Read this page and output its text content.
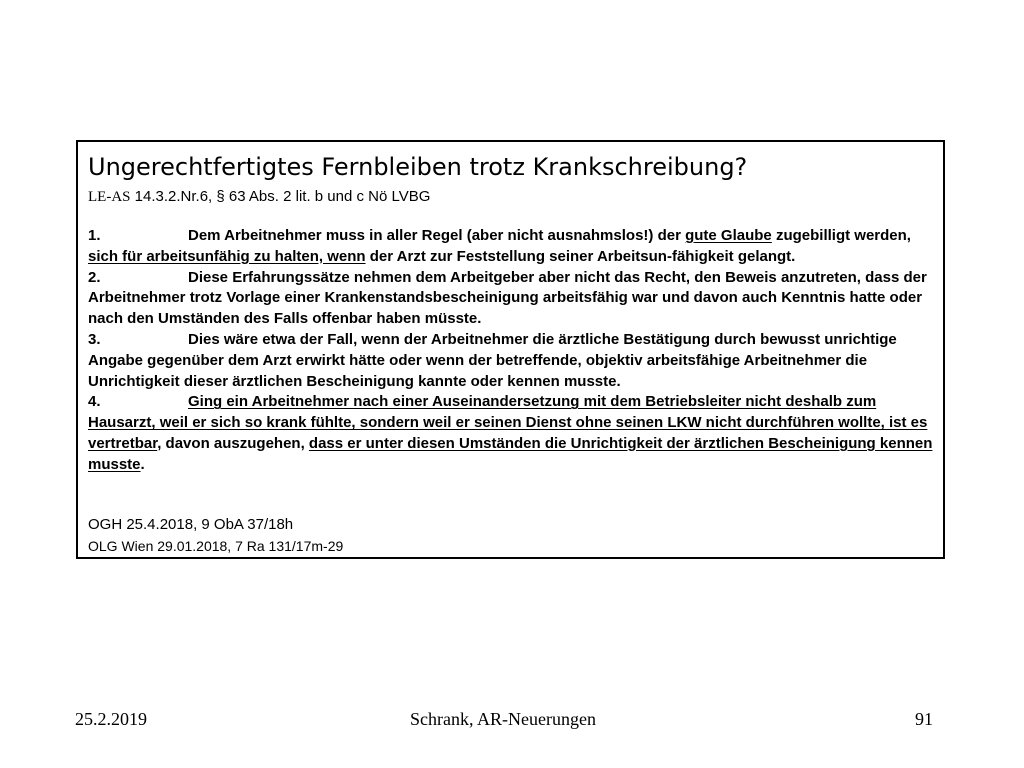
Ungerechtfertigtes Fernbleiben trotz Krankschreibung?
LE-AS 14.3.2.Nr.6, § 63 Abs. 2 lit. b und c Nö LVBG

1.	Dem Arbeitnehmer muss in aller Regel (aber nicht ausnahmslos!) der gute Glaube zugebilligt werden, sich für arbeitsunfähig zu halten, wenn der Arzt zur Feststellung seiner Arbeitsun-fähigkeit gelangt.

2.	Diese Erfahrungssätze nehmen dem Arbeitgeber aber nicht das Recht, den Beweis anzutreten, dass der Arbeitnehmer trotz Vorlage einer Krankenstandsbescheinigung arbeitsfähig war und davon auch Kenntnis hatte oder nach den Umständen des Falls offenbar haben müsste.

3.	Dies wäre etwa der Fall, wenn der Arbeitnehmer die ärztliche Bestätigung durch bewusst unrichtige Angabe gegenüber dem Arzt erwirkt hätte oder wenn der betreffende, objektiv arbeitsfähige Arbeitnehmer die Unrichtigkeit dieser ärztlichen Bescheinigung kannte oder kennen musste.

4.	Ging ein Arbeitnehmer nach einer Auseinandersetzung mit dem Betriebsleiter nicht deshalb zum Hausarzt, weil er sich so krank fühlte, sondern weil er seinen Dienst ohne seinen LKW nicht durchführen wollte, ist es vertretbar, davon auszugehen, dass er unter diesen Umständen die Unrichtigkeit der ärztlichen Bescheinigung kennen musste.

OGH 25.4.2018, 9 ObA 37/18h
OLG Wien 29.01.2018, 7 Ra 131/17m-29
25.2.2019	Schrank, AR-Neuerungen	91
